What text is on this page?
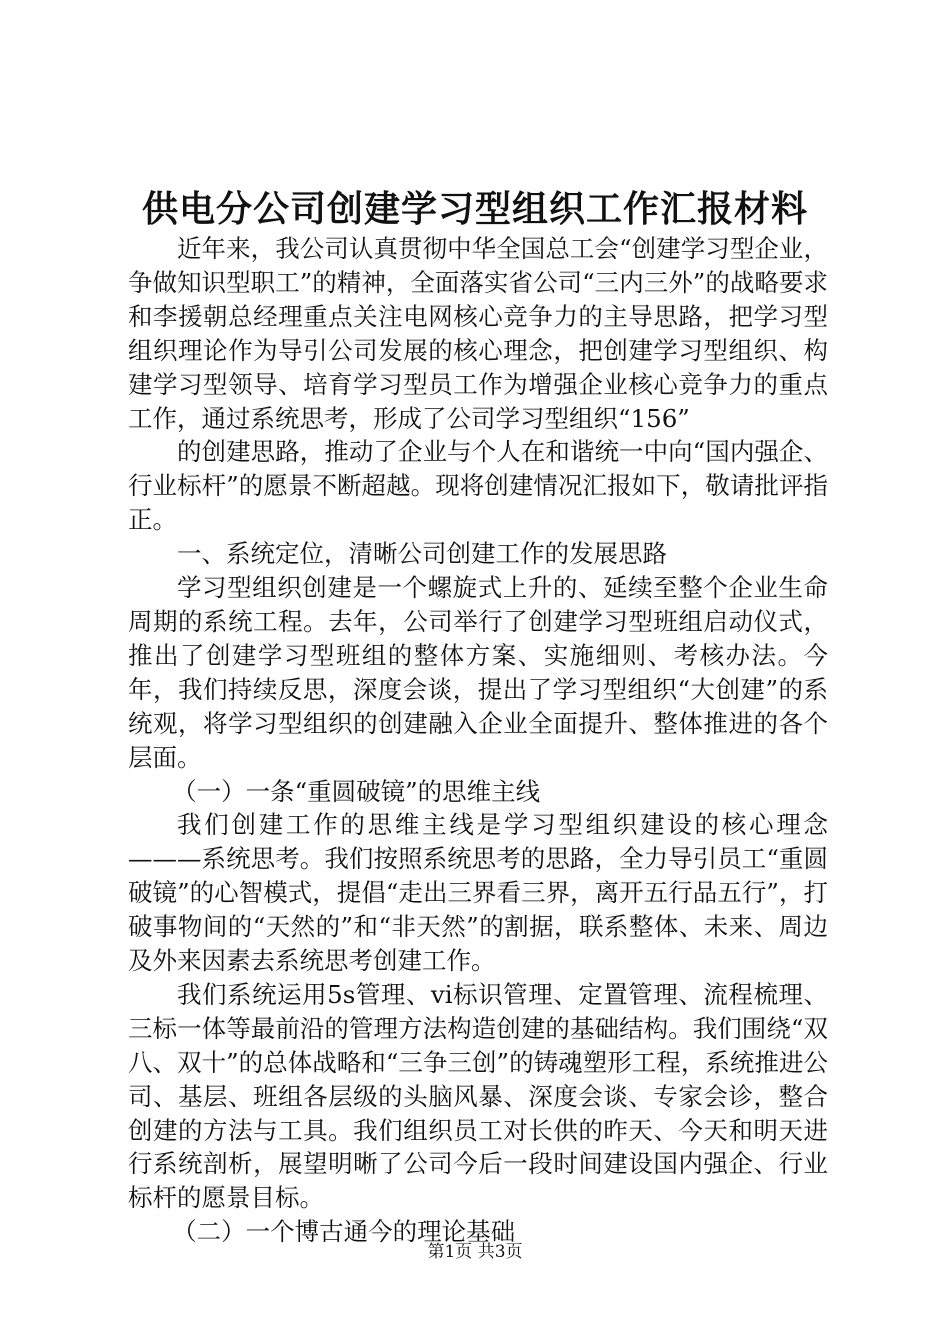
供电分公司创建学习型组织工作汇报材料

近年来，我公司认真贯彻中华全国总工会“创建学习型企业，争做知识型职工”的精神，全面落实省公司“三内三外”的战略要求和李援朝总经理重点关注电网核心竞争力的主导思路，把学习型组织理论作为导引公司发展的核心理念，把创建学习型组织、构建学习型领导、培育学习型员工作为增强企业核心竞争力的重点工作，通过系统思考，形成了公司学习型组织“156”

的创建思路，推动了企业与个人在和谐统一中向“国内强企、行业标杆”的愿景不断超越。现将创建情况汇报如下，敬请批评指正。

一、系统定位，清晰公司创建工作的发展思路

学习型组织创建是一个螺旋式上升的、延续至整个企业生命周期的系统工程。去年，公司举行了创建学习型班组启动仪式，推出了创建学习型班组的整体方案、实施细则、考核办法。今年，我们持续反思，深度会谈，提出了学习型组织“大创建”的系统观，将学习型组织的创建融入企业全面提升、整体推进的各个层面。

（一）一条“重圆破镜”的思维主线

我们创建工作的思维主线是学习型组织建设的核心理念———系统思考。我们按照系统思考的思路，全力导引员工“重圆破镜”的心智模式，提倡“走出三界看三界，离开五行品五行”，打破事物间的“天然的”和“非天然”的割据，联系整体、未来、周边及外来因素去系统思考创建工作。

我们系统运用5s管理、vi标识管理、定置管理、流程梳理、三标一体等最前沿的管理方法构造创建的基础结构。我们围绕“双八、双十”的总体战略和“三争三创”的铸魂塑形工程，系统推进公司、基层、班组各层级的头脑风暴、深度会谈、专家会诊，整合创建的方法与工具。我们组织员工对长供的昨天、今天和明天进行系统剖析，展望明晰了公司今后一段时间建设国内强企、行业标杆的愿景目标。

（二）一个博古通今的理论基础

第1页 共3页
